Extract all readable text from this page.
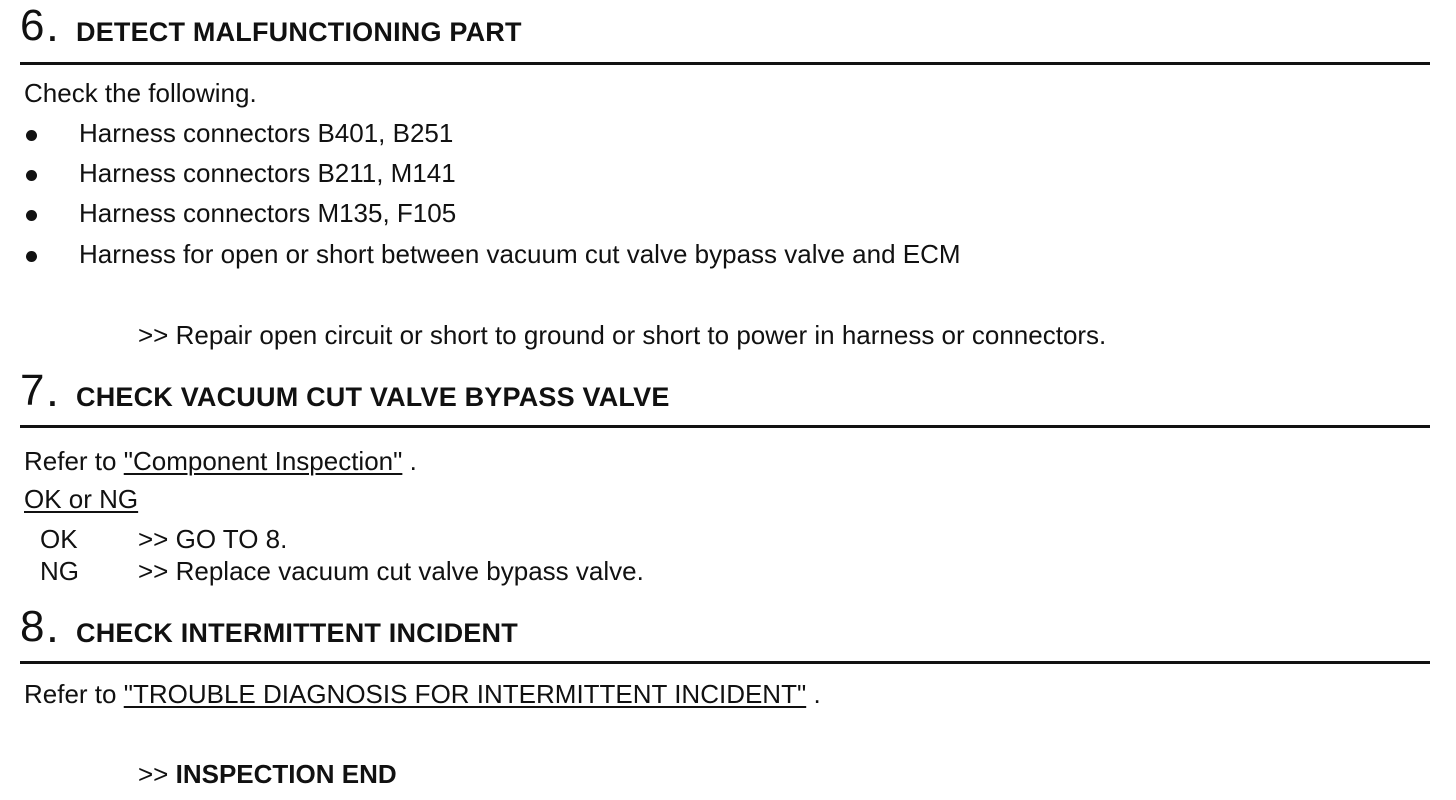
6 . DETECT MALFUNCTIONING PART
Check the following.
Harness connectors B401, B251
Harness connectors B211, M141
Harness connectors M135, F105
Harness for open or short between vacuum cut valve bypass valve and ECM
>> Repair open circuit or short to ground or short to power in harness or connectors.
7 . CHECK VACUUM CUT VALVE BYPASS VALVE
Refer to "Component Inspection" .
OK or NG
OK >> GO TO 8.
NG >> Replace vacuum cut valve bypass valve.
8 . CHECK INTERMITTENT INCIDENT
Refer to "TROUBLE DIAGNOSIS FOR INTERMITTENT INCIDENT" .
>> INSPECTION END
